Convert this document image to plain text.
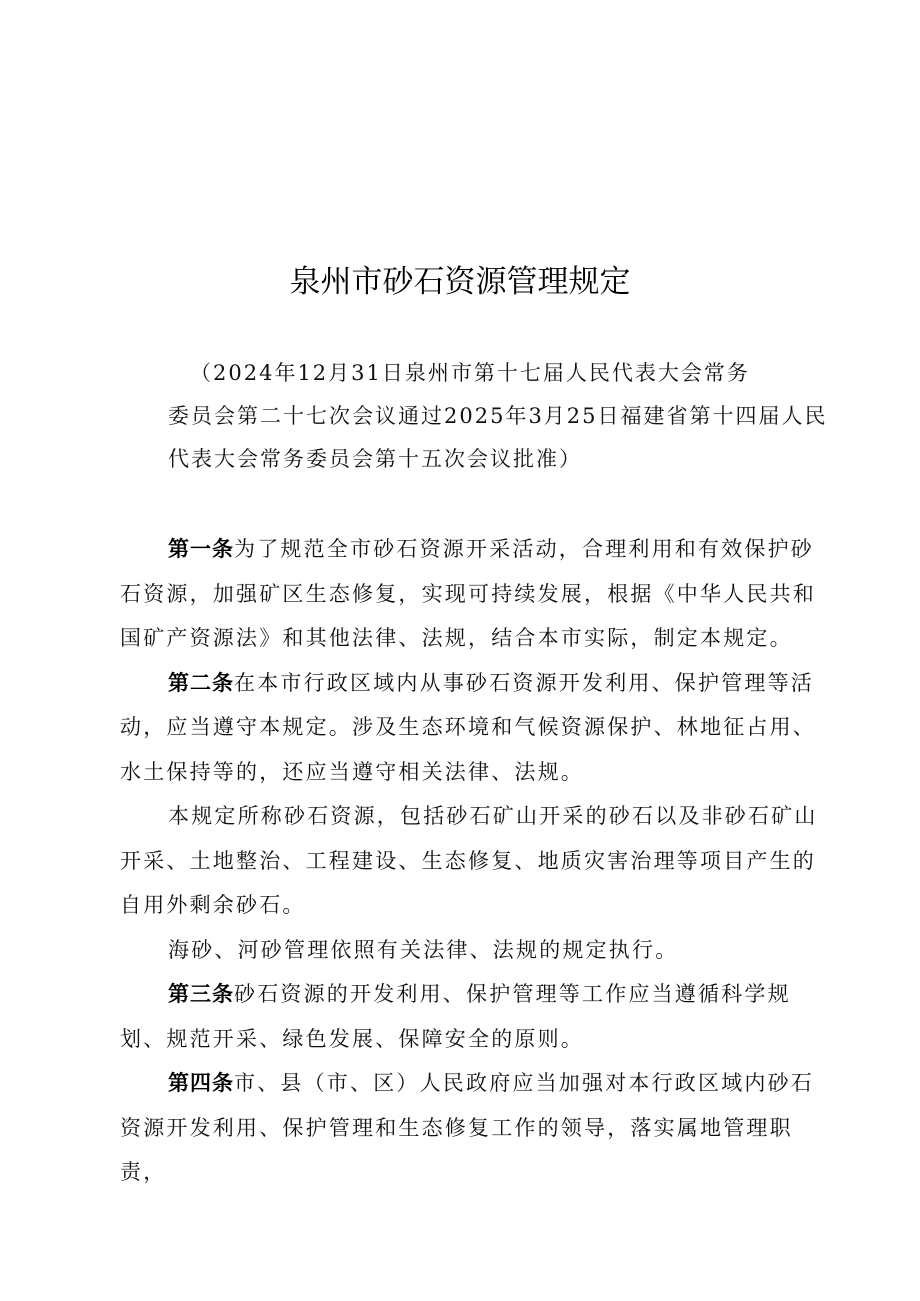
泉州市砂石资源管理规定
（2024年12月31日泉州市第十七届人民代表大会常务
委员会第二十七次会议通过2025年3月25日福建省第十四届人民
代表大会常务委员会第十五次会议批准）

第一条为了规范全市砂石资源开采活动，合理利用和有效保护砂石资源，加强矿区生态修复，实现可持续发展，根据《中华人民共和国矿产资源法》和其他法律、法规，结合本市实际，制定本规定。

第二条在本市行政区域内从事砂石资源开发利用、保护管理等活动，应当遵守本规定。涉及生态环境和气候资源保护、林地征占用、水土保持等的，还应当遵守相关法律、法规。

本规定所称砂石资源，包括砂石矿山开采的砂石以及非砂石矿山开采、土地整治、工程建设、生态修复、地质灾害治理等项目产生的自用外剩余砂石。

海砂、河砂管理依照有关法律、法规的规定执行。

第三条砂石资源的开发利用、保护管理等工作应当遵循科学规划、规范开采、绿色发展、保障安全的原则。

第四条市、县（市、区）人民政府应当加强对本行政区域内砂石资源开发利用、保护管理和生态修复工作的领导，落实属地管理职责，
